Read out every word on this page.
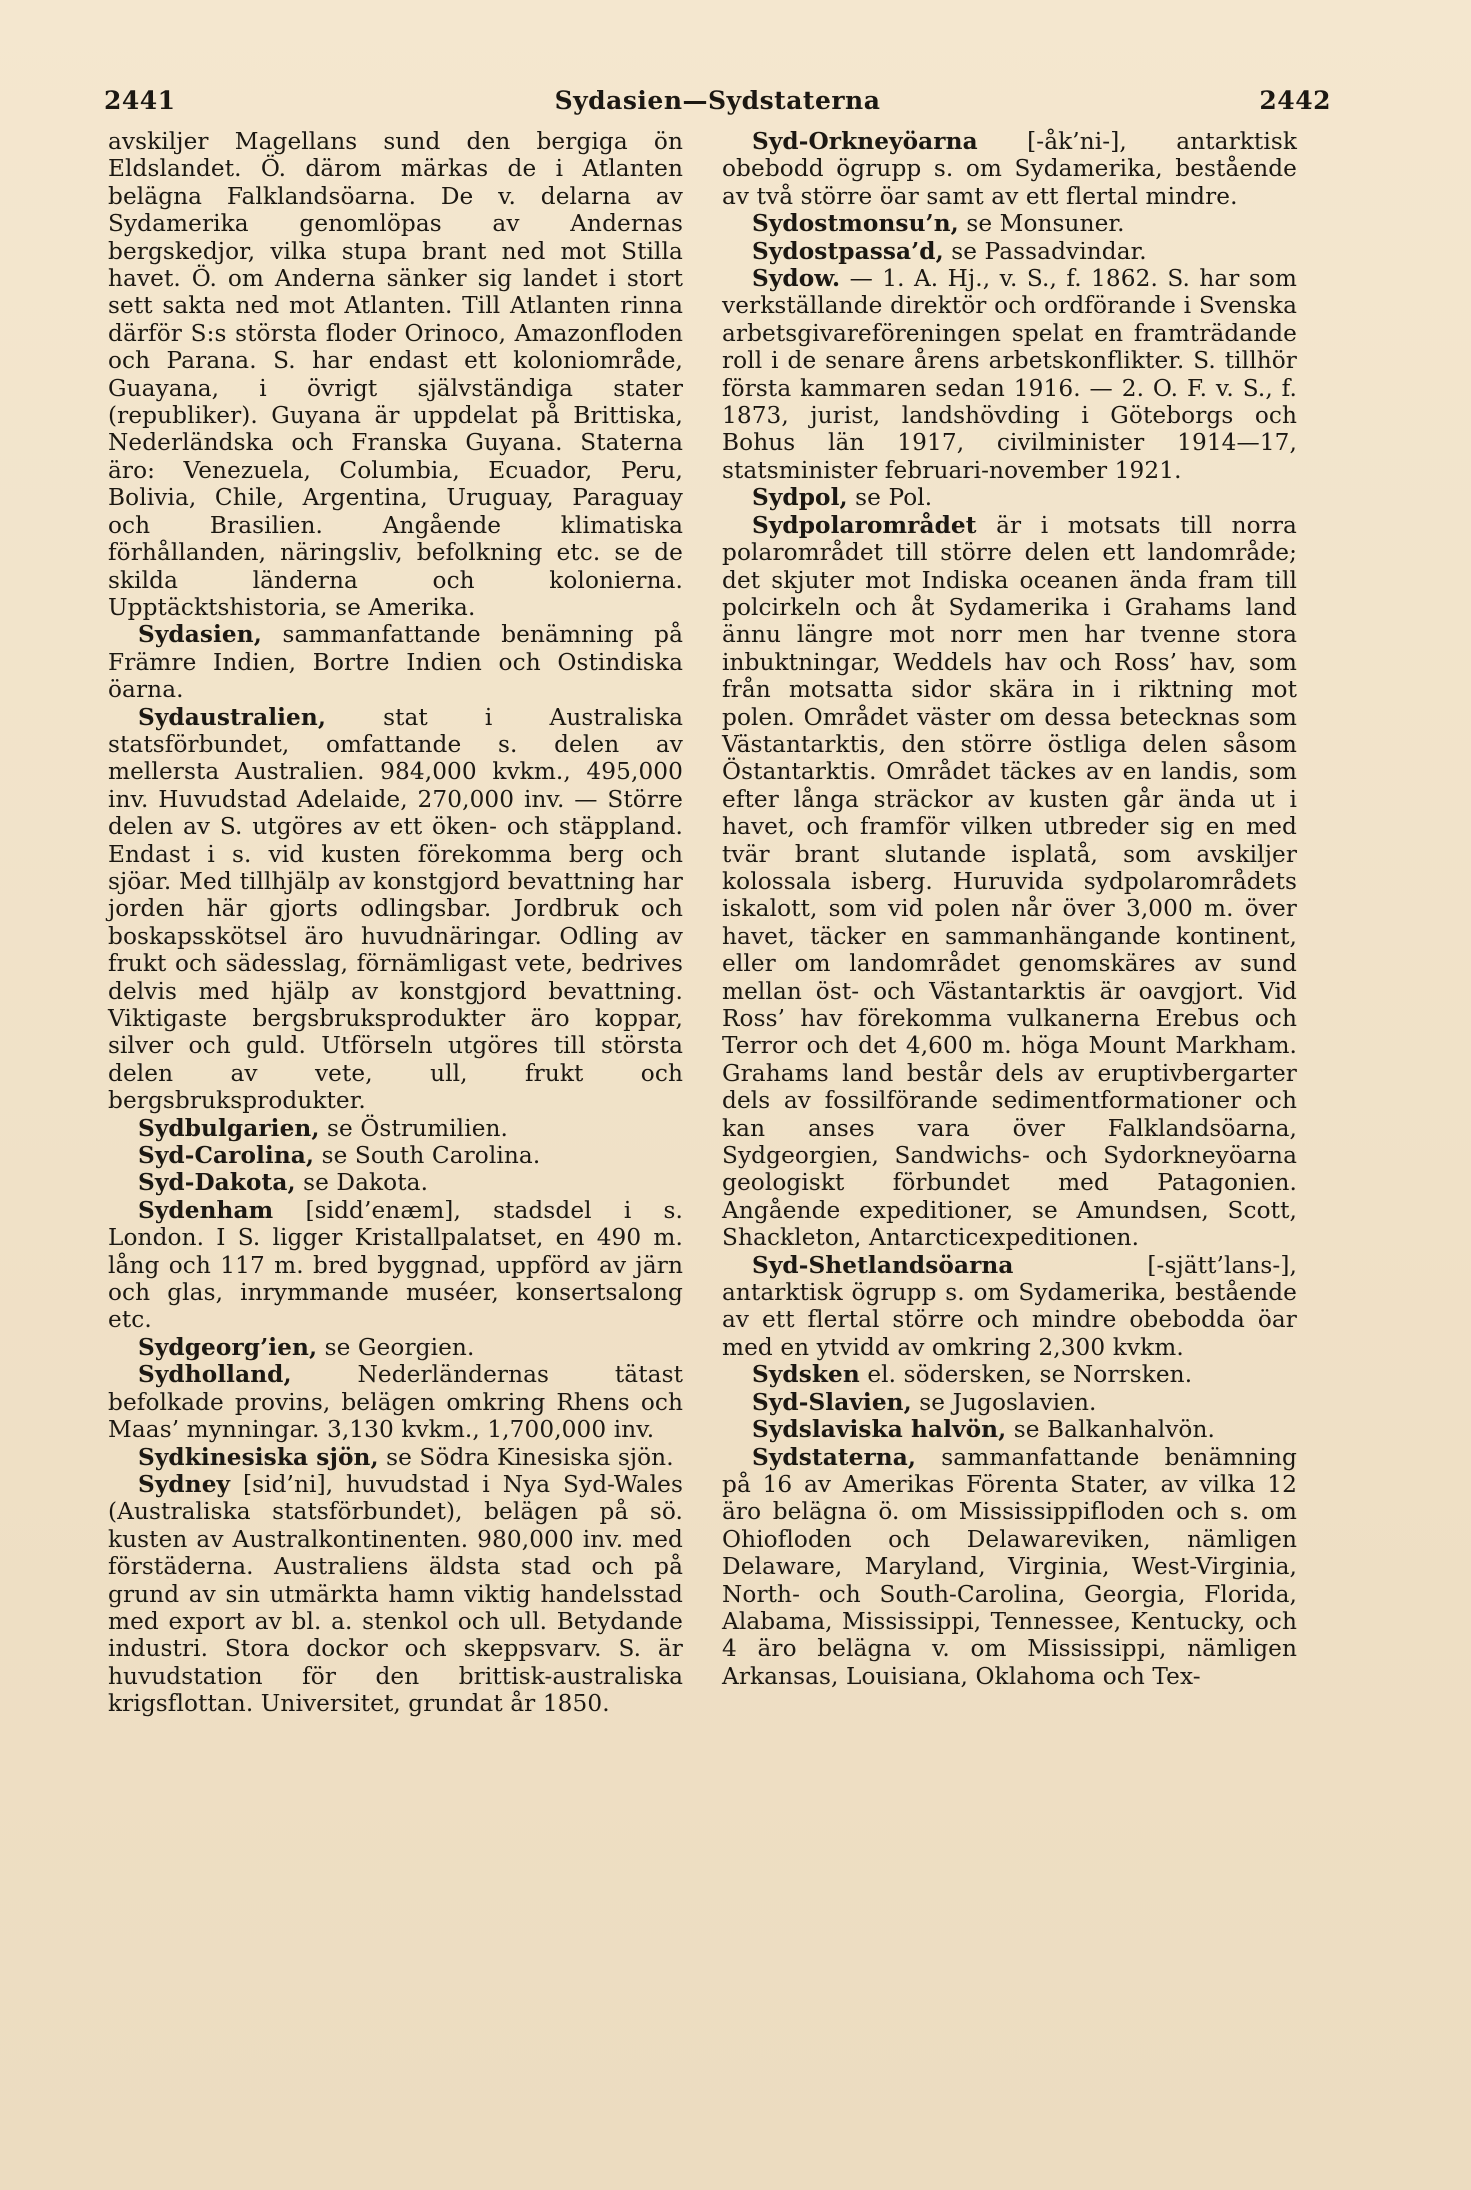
2441	Sydasien—Sydstaterna	2442

avskiljer Magellans sund den bergiga ön Eldslandet. Ö. därom märkas de i Atlanten belägna Falklandsöarna. De v. delarna av Sydamerika genomlöpas av Andernas bergskedjor, vilka stupa brant ned mot Stilla havet. Ö. om Anderna sänker sig landet i stort sett sakta ned mot Atlanten. Till Atlanten rinna därför S:s största floder Orinoco, Amazonfloden och Parana. S. har endast ett koloniområde, Guayana, i övrigt självständiga stater (republiker). Guyana är uppdelat på Brittiska, Nederländska och Franska Guyana. Staterna äro: Venezuela, Columbia, Ecuador, Peru, Bolivia, Chile, Argentina, Uruguay, Paraguay och Brasilien. Angående klimatiska förhållanden, näringsliv, befolkning etc. se de skilda länderna och kolonierna. Upptäcktshistoria, se Amerika.

Sydasien, sammanfattande benämning på Främre Indien, Bortre Indien och Ostindiska öarna.

Sydaustralien, stat i Australiska statsförbundet, omfattande s. delen av mellersta Australien. 984,000 kvkm., 495,000 inv. Huvudstad Adelaide, 270,000 inv. — Större delen av S. utgöres av ett öken- och stäppland. Endast i s. vid kusten förekomma berg och sjöar. Med tillhjälp av konstgjord bevattning har jorden här gjorts odlingsbar. Jordbruk och boskapsskötsel äro huvudnäringar. Odling av frukt och sädesslag, förnämligast vete, bedrives delvis med hjälp av konstgjord bevattning. Viktigaste bergsbruksprodukter äro koppar, silver och guld. Utförseln utgöres till största delen av vete, ull, frukt och bergsbruksprodukter.

Sydbulgarien, se Östrumilien.

Syd-Carolina, se South Carolina.

Syd-Dakota, se Dakota.

Sydenham [sidd’enæm], stadsdel i s. London. I S. ligger Kristallpalatset, en 490 m. lång och 117 m. bred byggnad, uppförd av järn och glas, inrymmande muséer, konsertsalong etc.

Sydgeorg’ien, se Georgien.

Sydholland, Nederländernas tätast befolkade provins, belägen omkring Rhens och Maas’ mynningar. 3,130 kvkm., 1,700,000 inv.

Sydkinesiska sjön, se Södra Kinesiska sjön.

Sydney [sid’ni], huvudstad i Nya Syd-Wales (Australiska statsförbundet), belägen på sö. kusten av Australkontinenten. 980,000 inv. med förstäderna. Australiens äldsta stad och på grund av sin utmärkta hamn viktig handelsstad med export av bl. a. stenkol och ull. Betydande industri. Stora dockor och skeppsvarv. S. är huvudstation för den brittisk-australiska krigsflottan. Universitet, grundat år 1850.

Syd-Orkneyöarna [-åk’ni-], antarktisk obebodd ögrupp s. om Sydamerika, bestående av två större öar samt av ett flertal mindre.

Sydostmonsu’n, se Monsuner.

Sydostpassa’d, se Passadvindar.

Sydow. — 1. A. Hj., v. S., f. 1862. S. har som verkställande direktör och ordförande i Svenska arbetsgivareföreningen spelat en framträdande roll i de senare årens arbetskonflikter. S. tillhör första kammaren sedan 1916. — 2. O. F. v. S., f. 1873, jurist, landshövding i Göteborgs och Bohus län 1917, civilminister 1914—17, statsminister februari-november 1921.

Sydpol, se Pol.

Sydpolarområdet är i motsats till norra polarområdet till större delen ett landområde; det skjuter mot Indiska oceanen ända fram till polcirkeln och åt Sydamerika i Grahams land ännu längre mot norr men har tvenne stora inbuktningar, Weddels hav och Ross’ hav, som från motsatta sidor skära in i riktning mot polen. Området väster om dessa betecknas som Västantarktis, den större östliga delen såsom Östantarktis. Området täckes av en landis, som efter långa sträckor av kusten går ända ut i havet, och framför vilken utbreder sig en med tvär brant slutande isplatå, som avskiljer kolossala isberg. Huruvida sydpolarområdets iskalott, som vid polen når över 3,000 m. över havet, täcker en sammanhängande kontinent, eller om landområdet genomskäres av sund mellan öst- och Västantarktis är oavgjort. Vid Ross’ hav förekomma vulkanerna Erebus och Terror och det 4,600 m. höga Mount Markham. Grahams land består dels av eruptivbergarter dels av fossilförande sedimentformationer och kan anses vara över Falklandsöarna, Sydgeorgien, Sandwichs- och Sydorkneyöarna geologiskt förbundet med Patagonien. Angående expeditioner, se Amundsen, Scott, Shackleton, Antarcticexpeditionen.

Syd-Shetlandsöarna [-sjätt’lans-], antarktisk ögrupp s. om Sydamerika, bestående av ett flertal större och mindre obebodda öar med en ytvidd av omkring 2,300 kvkm.

Sydsken el. södersken, se Norrsken.

Syd-Slavien, se Jugoslavien.

Sydslaviska halvön, se Balkanhalvön.

Sydstaterna, sammanfattande benämning på 16 av Amerikas Förenta Stater, av vilka 12 äro belägna ö. om Mississippifloden och s. om Ohiofloden och Delawareviken, nämligen Delaware, Maryland, Virginia, West-Virginia, North- och South-Carolina, Georgia, Florida, Alabama, Mississippi, Tennessee, Kentucky, och 4 äro belägna v. om Mississippi, nämligen Arkansas, Louisiana, Oklahoma och Tex-
